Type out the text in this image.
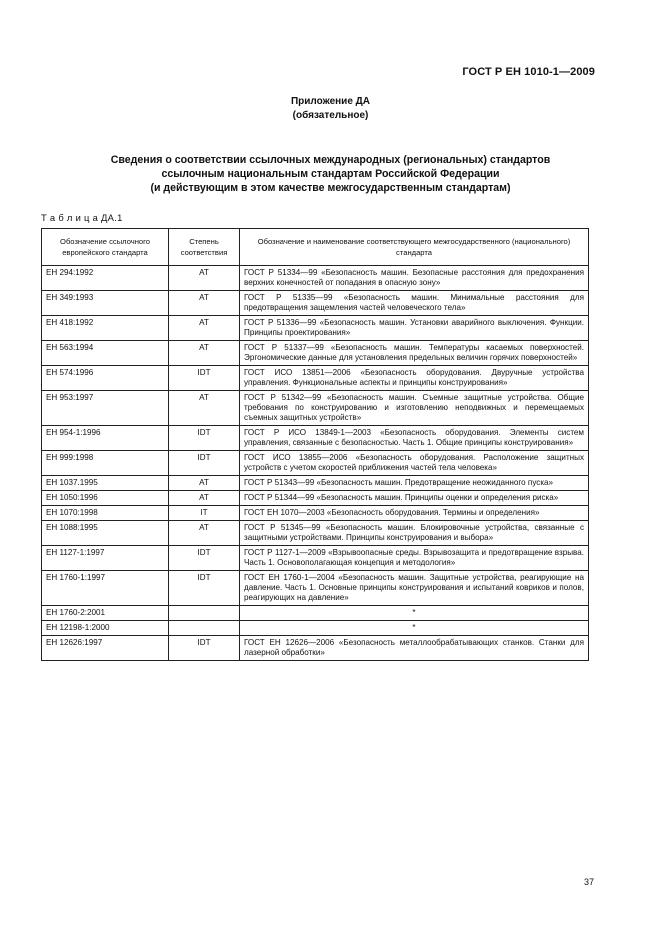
ГОСТ Р ЕН 1010-1—2009
Приложение ДА
(обязательное)
Сведения о соответствии ссылочных международных (региональных) стандартов
ссылочным национальным стандартам Российской Федерации
(и действующим в этом качестве межгосударственным стандартам)
Т а б л и ц а ДА.1
Обозначение ссылочного европейского стандарта	Степень соответствия	Обозначение и наименование соответствующего межгосударственного (национального) стандарта
ЕН 294:1992	АТ	ГОСТ Р 51334—99 «Безопасность машин. Безопасные расстояния для предохранения верхних конечностей от попадания в опасную зону»
ЕН 349:1993	АТ	ГОСТ Р 51335—99 «Безопасность машин. Минимальные расстояния для предотвращения защемления частей человеческого тела»
ЕН 418:1992	АТ	ГОСТ Р 51336—99 «Безопасность машин. Установки аварийного выключения. Функции. Принципы проектирования»
ЕН 563:1994	АТ	ГОСТ Р 51337—99 «Безопасность машин. Температуры касаемых поверхностей. Эргономические данные для установления предельных величин горячих поверхностей»
ЕН 574:1996	IDT	ГОСТ ИСО 13851—2006 «Безопасность оборудования. Двуручные устройства управления. Функциональные аспекты и принципы конструирования»
ЕН 953:1997	АТ	ГОСТ Р 51342—99 «Безопасность машин. Съемные защитные устройства. Общие требования по конструированию и изготовлению неподвижных и перемещаемых съемных защитных устройств»
ЕН 954-1:1996	IDT	ГОСТ Р ИСО 13849-1—2003 «Безопасность оборудования. Элементы систем управления, связанные с безопасностью. Часть 1. Общие принципы конструирования»
ЕН 999:1998	IDT	ГОСТ ИСО 13855—2006 «Безопасность оборудования. Расположение защитных устройств с учетом скоростей приближения частей тела человека»
ЕН 1037.1995	АТ	ГОСТ Р 51343—99 «Безопасность машин. Предотвращение неожиданного пуска»
ЕН 1050:1996	АТ	ГОСТ Р 51344—99 «Безопасность машин. Принципы оценки и определения риска»
ЕН 1070:1998	IT	ГОСТ ЕН 1070—2003 «Безопасность оборудования. Термины и определения»
ЕН 1088:1995	АТ	ГОСТ Р 51345—99 «Безопасность машин. Блокировочные устройства, связанные с защитными устройствами. Принципы конструирования и выбора»
ЕН 1127-1:1997	IDT	ГОСТ Р 1127-1—2009 «Взрывоопасные среды. Взрывозащита и предотвращение взрыва. Часть 1. Основополагающая концепция и методология»
ЕН 1760-1:1997	IDT	ГОСТ ЕН 1760-1—2004 «Безопасность машин. Защитные устройства, реагирующие на давление. Часть 1. Основные принципы конструирования и испытаний ковриков и полов, реагирующих на давление»
ЕН 1760-2:2001		*
ЕН 12198-1:2000		*
ЕН 12626:1997	IDT	ГОСТ ЕН 12626—2006 «Безопасность металлообрабатывающих станков. Станки для лазерной обработки»
37
